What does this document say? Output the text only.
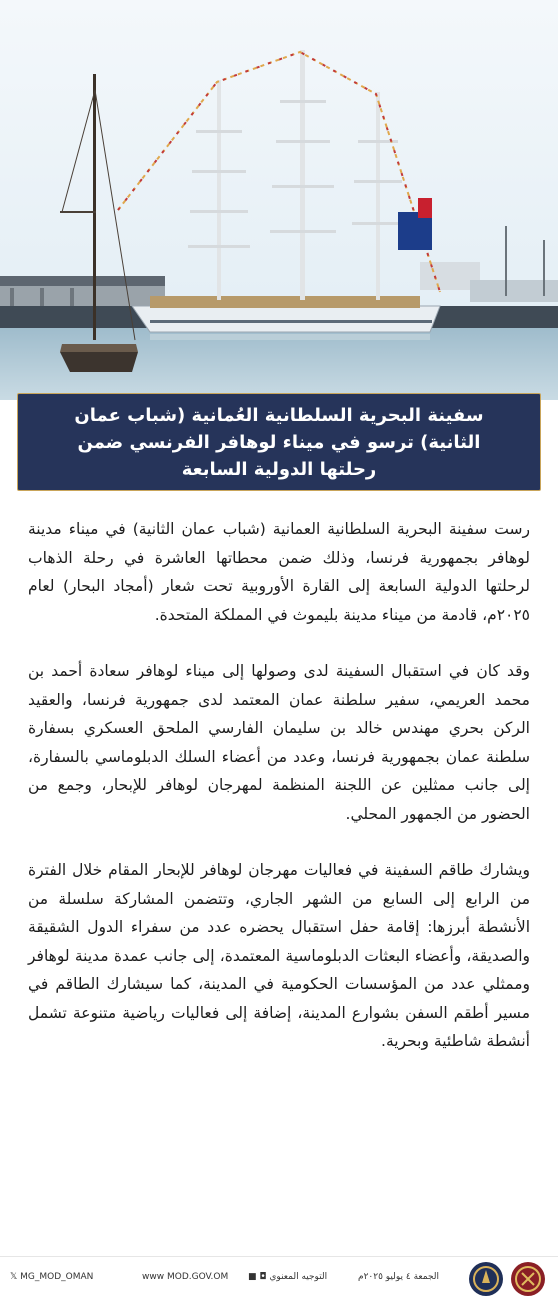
سفينة البحرية السلطانية العُمانية (شباب عمان
الثانية) ترسو في ميناء لوهافر الفرنسي ضمن
رحلتها الدولية السابعة

رست سفينة البحرية السلطانية العمانية (شباب عمان الثانية) في ميناء مدينة لوهافر بجمهورية فرنسا، وذلك ضمن محطاتها العاشرة في رحلة الذهاب لرحلتها الدولية السابعة إلى القارة الأوروبية تحت شعار (أمجاد البحار) لعام ٢٠٢٥م، قادمة من ميناء مدينة بليموث في المملكة المتحدة.

وقد كان في استقبال السفينة لدى وصولها إلى ميناء لوهافر سعادة أحمد بن محمد العريمي، سفير سلطنة عمان المعتمد لدى جمهورية فرنسا، والعقيد الركن بحري مهندس خالد بن سليمان الفارسي الملحق العسكري بسفارة سلطنة عمان بجمهورية فرنسا، وعدد من أعضاء السلك الدبلوماسي بالسفارة، إلى جانب ممثلين عن اللجنة المنظمة لمهرجان لوهافر للإبحار، وجمع من الحضور من الجمهور المحلي.

ويشارك طاقم السفينة في فعاليات مهرجان لوهافر للإبحار المقام خلال الفترة من الرابع إلى السابع من الشهر الجاري، وتتضمن المشاركة سلسلة من الأنشطة أبرزها: إقامة حفل استقبال يحضره عدد من سفراء الدول الشقيقة والصديقة، وأعضاء البعثات الدبلوماسية المعتمدة، إلى جانب عمدة مدينة لوهافر وممثلي عدد من المؤسسات الحكومية في المدينة، كما سيشارك الطاقم في مسير أطقم السفن بشوارع المدينة، إضافة إلى فعاليات رياضية متنوعة تشمل أنشطة شاطئية وبحرية.

𝕏 MG_MOD_OMAN	www MOD.GOV.OM ■ ◘ التوجيه المعنوي	الجمعة ٤ يوليو ٢٠٢٥م
